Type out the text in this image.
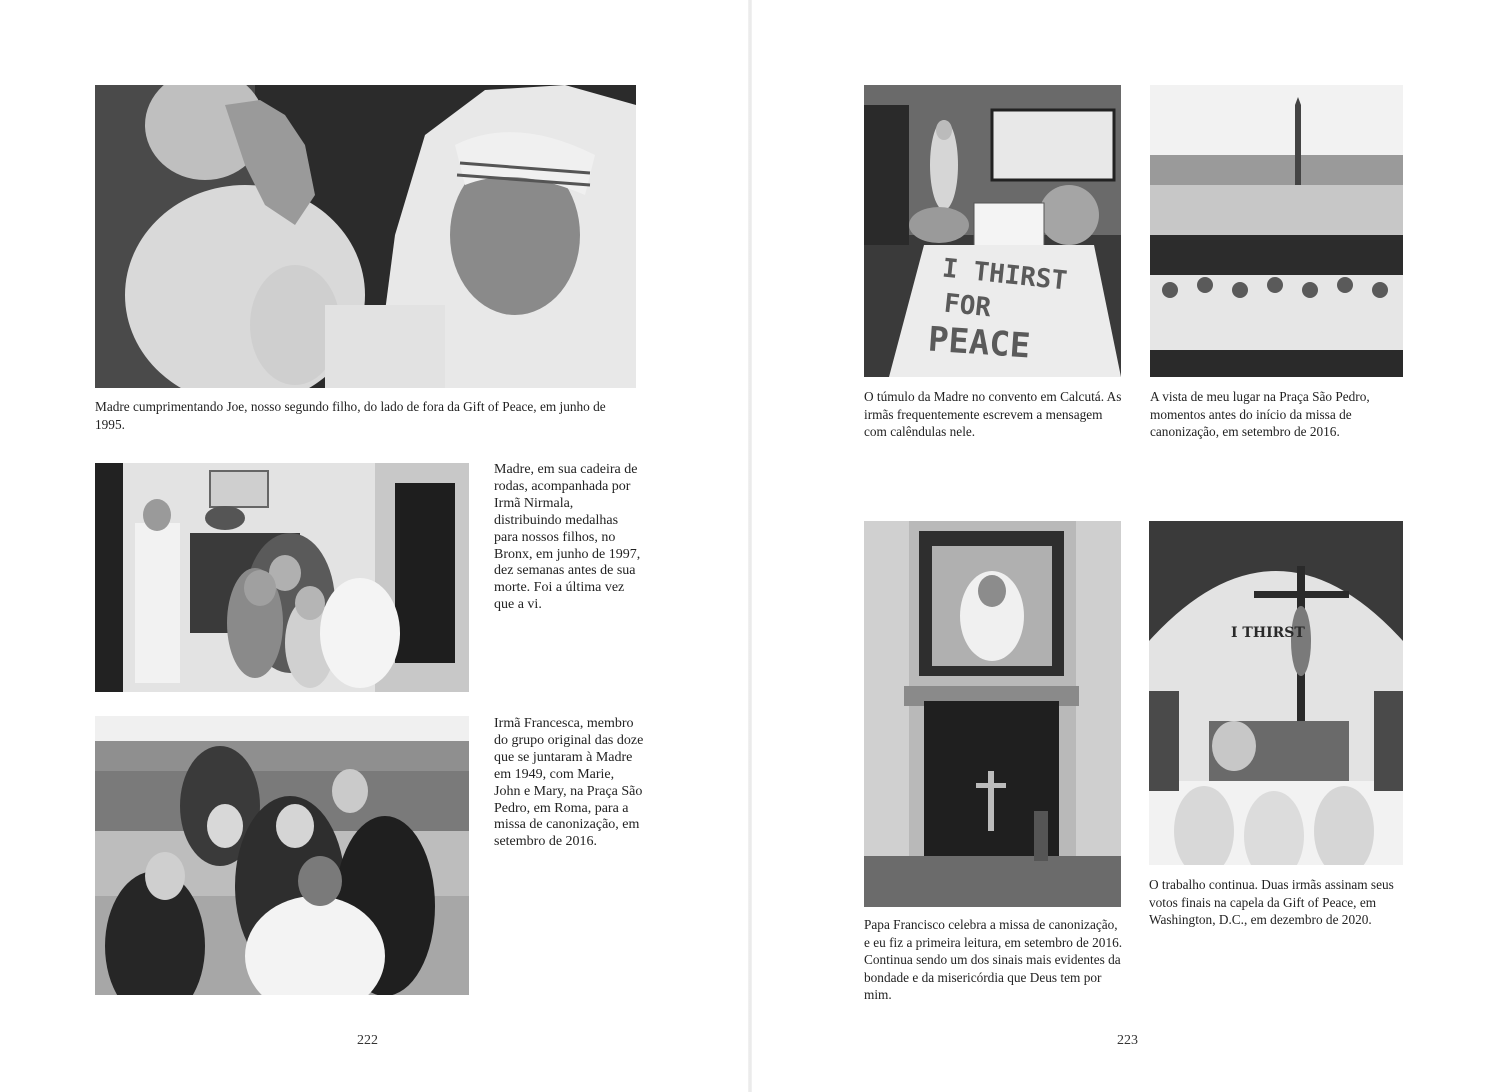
Madre cumprimentando Joe, nosso segundo filho, do lado de fora da Gift of Peace, em junho de 1995.
Madre, em sua cadeira de rodas, acompanhada por Irmã Nirmala, distribuindo medalhas para nossos filhos, no Bronx, em junho de 1997, dez semanas antes de sua morte. Foi a última vez que a vi.
Irmã Francesca, membro do grupo original das doze que se juntaram à Madre em 1949, com Marie, John e Mary, na Praça São Pedro, em Roma, para a missa de canonização, em setembro de 2016.
222
I THIRST
FOR
PEACE
O túmulo da Madre no convento em Calcutá. As irmãs frequentemente escrevem a mensagem com calêndulas nele.
A vista de meu lugar na Praça São Pedro, momentos antes do início da missa de canonização, em setembro de 2016.
Papa Francisco celebra a missa de canonização, e eu fiz a primeira leitura, em setembro de 2016. Continua sendo um dos sinais mais evidentes da bondade e da misericórdia que Deus tem por mim.
I THIRST
O trabalho continua. Duas irmãs assinam seus votos finais na capela da Gift of Peace, em Washington, D.C., em dezembro de 2020.
223
